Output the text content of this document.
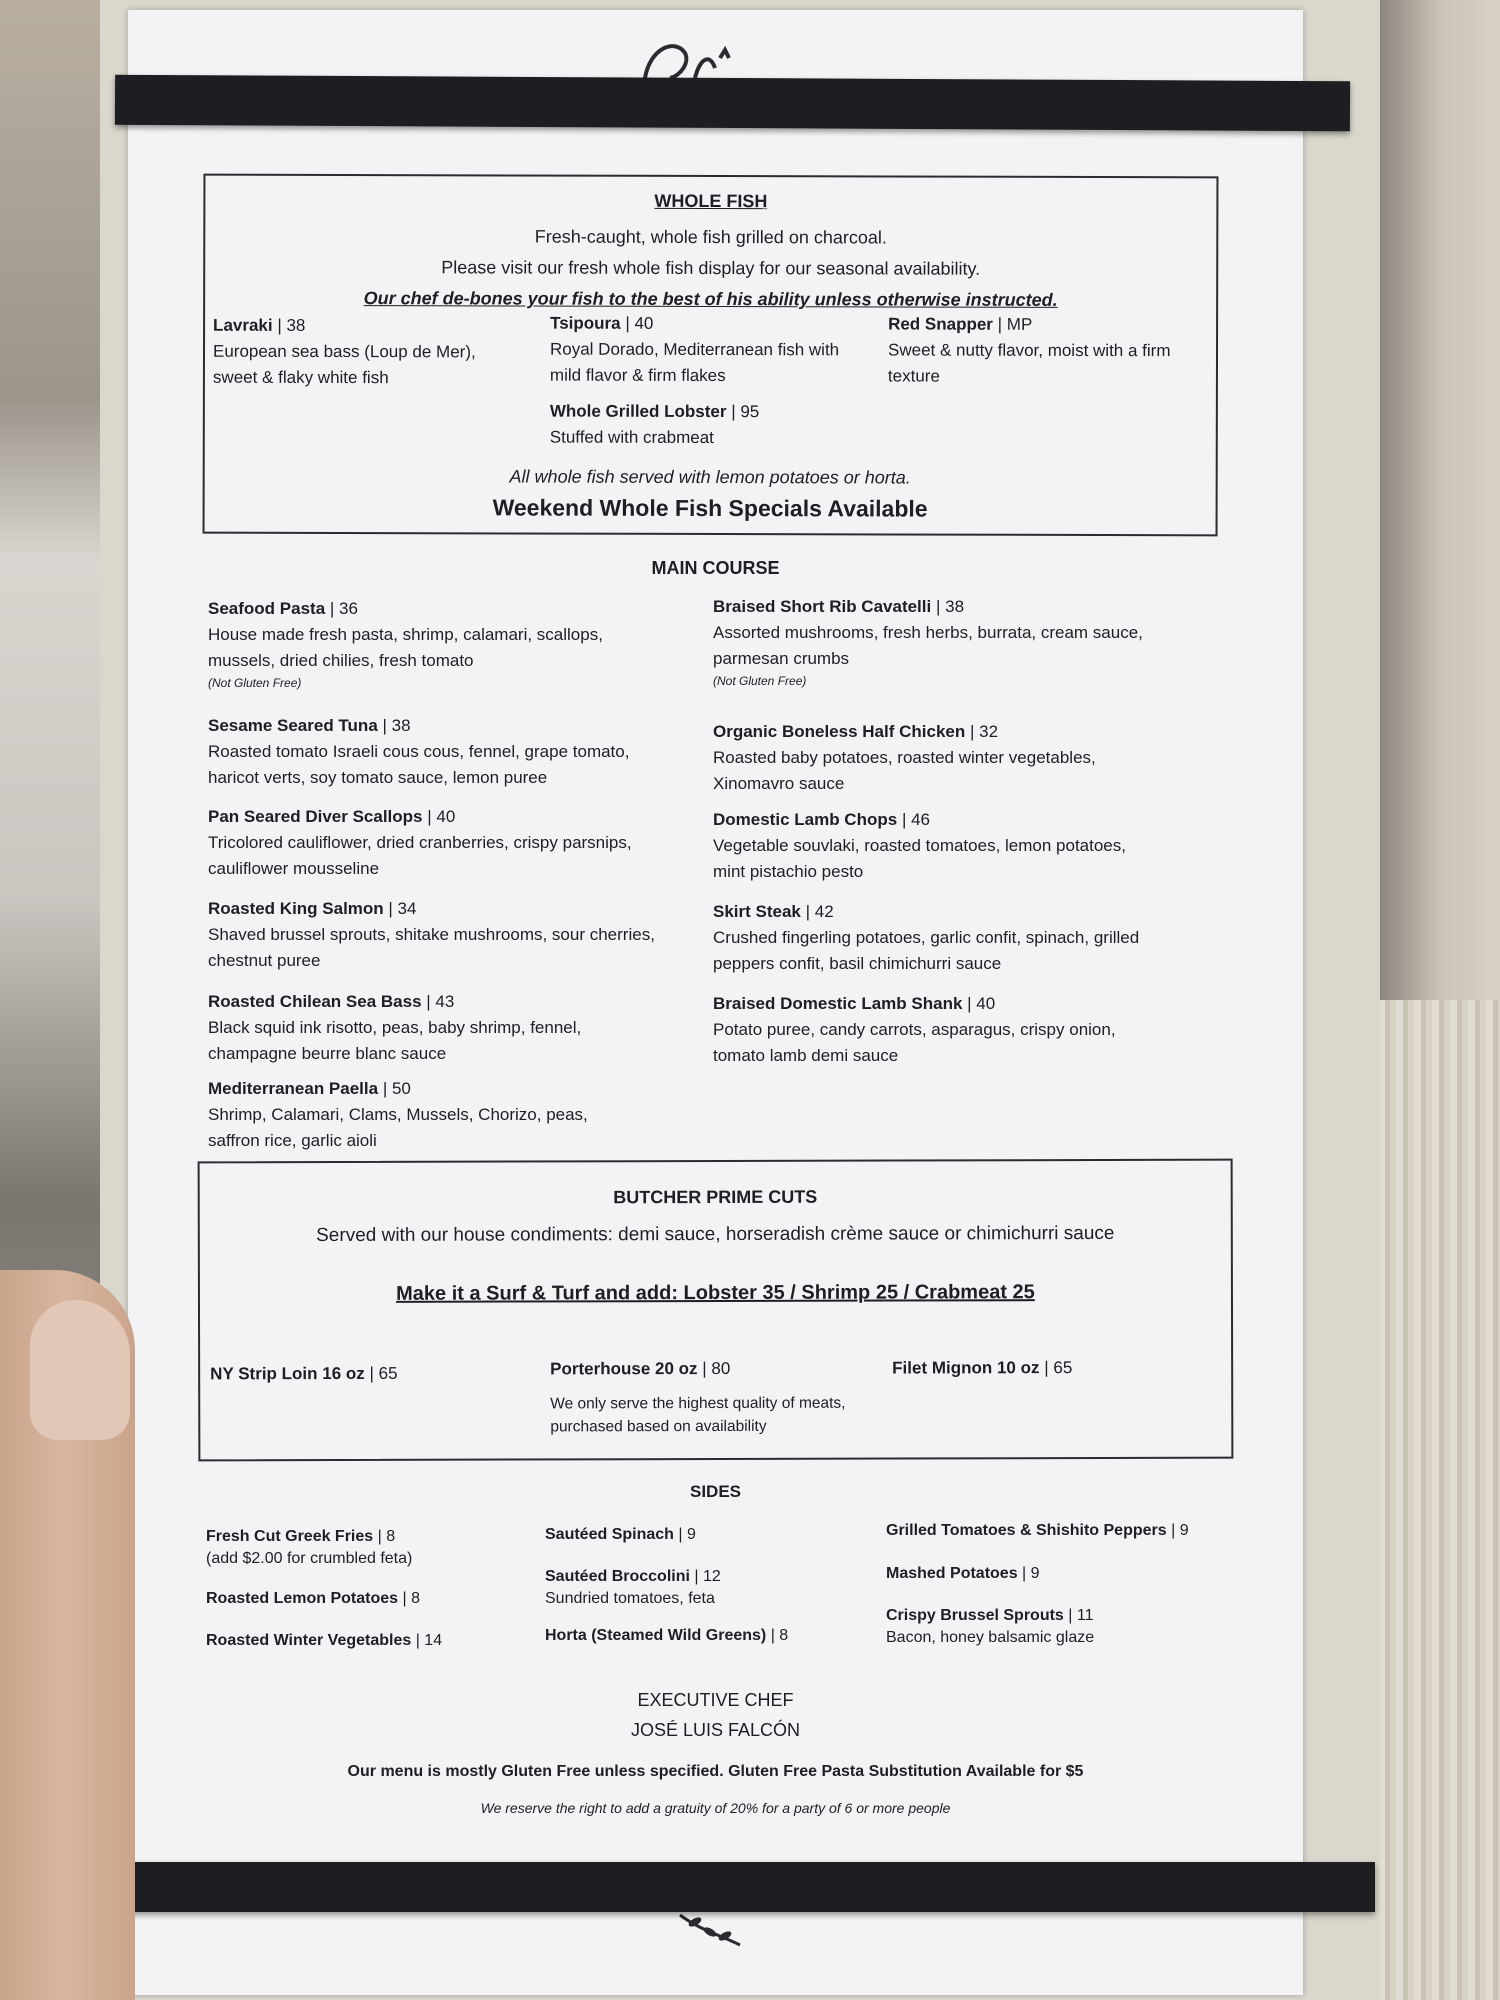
WHOLE FISH
Fresh-caught, whole fish grilled on charcoal.
Please visit our fresh whole fish display for our seasonal availability.
Our chef de-bones your fish to the best of his ability unless otherwise instructed.
Lavraki | 38
European sea bass (Loup de Mer),
sweet & flaky white fish
Tsipoura | 40
Royal Dorado, Mediterranean fish with
mild flavor & firm flakes
Red Snapper | MP
Sweet & nutty flavor, moist with a firm
texture
Whole Grilled Lobster | 95
Stuffed with crabmeat
All whole fish served with lemon potatoes or horta.
Weekend Whole Fish Specials Available
MAIN COURSE
Seafood Pasta | 36
House made fresh pasta, shrimp, calamari, scallops,
mussels, dried chilies, fresh tomato
(Not Gluten Free)
Sesame Seared Tuna | 38
Roasted tomato Israeli cous cous, fennel, grape tomato,
haricot verts, soy tomato sauce, lemon puree
Pan Seared Diver Scallops | 40
Tricolored cauliflower, dried cranberries, crispy parsnips,
cauliflower mousseline
Roasted King Salmon | 34
Shaved brussel sprouts, shitake mushrooms, sour cherries,
chestnut puree
Roasted Chilean Sea Bass | 43
Black squid ink risotto, peas, baby shrimp, fennel,
champagne beurre blanc sauce
Mediterranean Paella | 50
Shrimp, Calamari, Clams, Mussels, Chorizo, peas,
saffron rice, garlic aioli
Braised Short Rib Cavatelli | 38
Assorted mushrooms, fresh herbs, burrata, cream sauce,
parmesan crumbs
(Not Gluten Free)
Organic Boneless Half Chicken | 32
Roasted baby potatoes, roasted winter vegetables,
Xinomavro sauce
Domestic Lamb Chops | 46
Vegetable souvlaki, roasted tomatoes, lemon potatoes,
mint pistachio pesto
Skirt Steak | 42
Crushed fingerling potatoes, garlic confit, spinach, grilled
peppers confit, basil chimichurri sauce
Braised Domestic Lamb Shank | 40
Potato puree, candy carrots, asparagus, crispy onion,
tomato lamb demi sauce
BUTCHER PRIME CUTS
Served with our house condiments: demi sauce, horseradish crème sauce or chimichurri sauce
Make it a Surf & Turf and add: Lobster 35 / Shrimp 25 / Crabmeat 25
NY Strip Loin 16 oz | 65	Porterhouse 20 oz | 80
We only serve the highest quality of meats,
purchased based on availability
Filet Mignon 10 oz | 65
SIDES
Fresh Cut Greek Fries | 8
(add $2.00 for crumbled feta)
Roasted Lemon Potatoes | 8
Roasted Winter Vegetables | 14
Sautéed Spinach | 9
Sautéed Broccolini | 12
Sundried tomatoes, feta
Horta (Steamed Wild Greens) | 8
Grilled Tomatoes & Shishito Peppers | 9
Mashed Potatoes | 9
Crispy Brussel Sprouts | 11
Bacon, honey balsamic glaze
EXECUTIVE CHEF
JOSÉ LUIS FALCÓN
Our menu is mostly Gluten Free unless specified. Gluten Free Pasta Substitution Available for $5
We reserve the right to add a gratuity of 20% for a party of 6 or more people
